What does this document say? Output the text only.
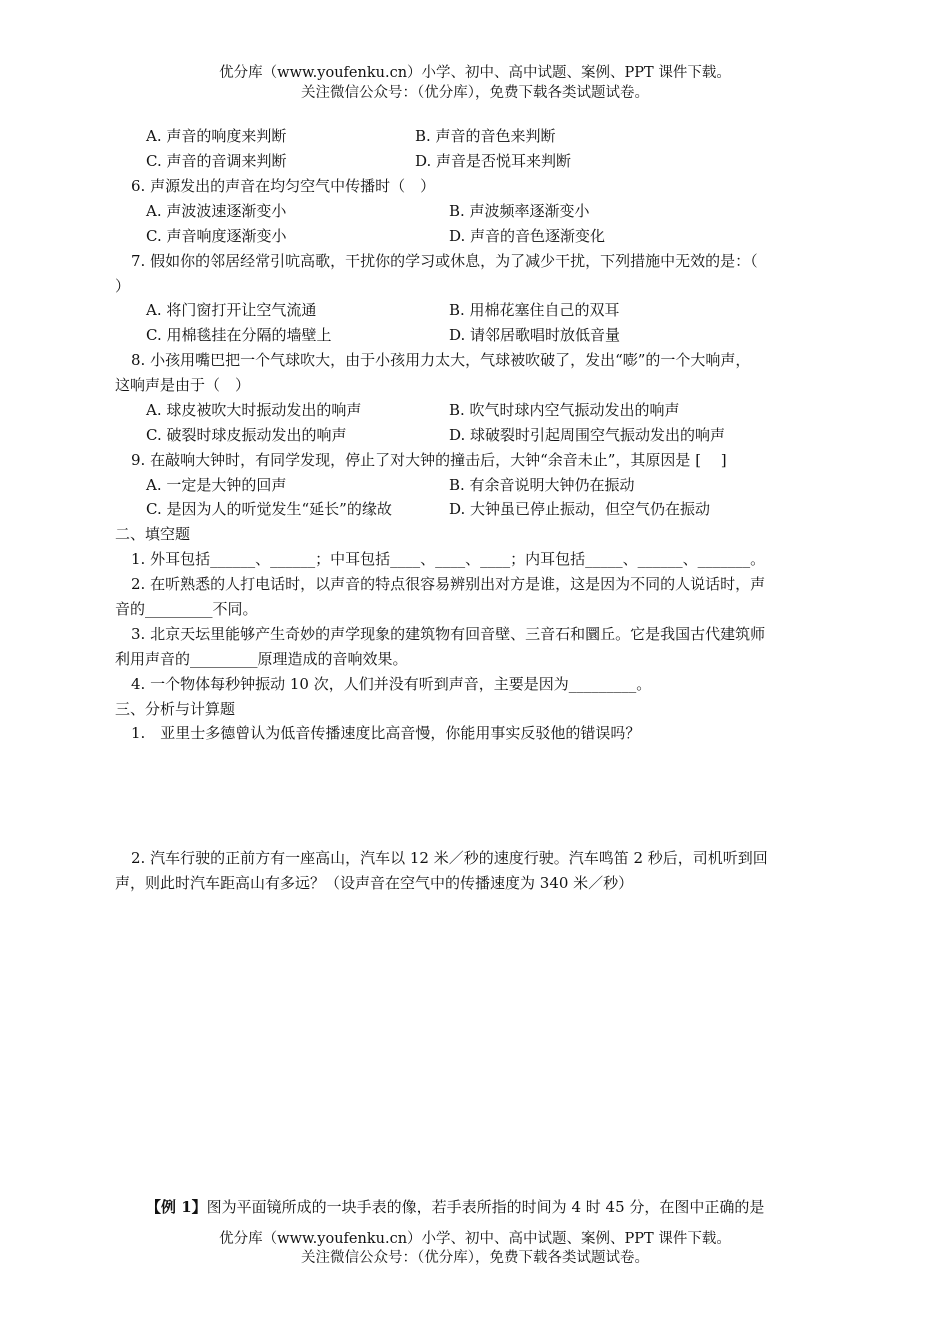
优分库（www.youfenku.cn）小学、初中、高中试题、案例、PPT 课件下载。
关注微信公众号：（优分库），免费下载各类试题试卷。
A. 声音的响度来判断	B. 声音的音色来判断
C. 声音的音调来判断	D. 声音是否悦耳来判断
6. 声源发出的声音在均匀空气中传播时（　）
A. 声波波速逐渐变小	B. 声波频率逐渐变小
C. 声音响度逐渐变小	D. 声音的音色逐渐变化
7. 假如你的邻居经常引吭高歌，干扰你的学习或休息，为了减少干扰，下列措施中无效的是：（
）
A. 将门窗打开让空气流通	B. 用棉花塞住自己的双耳
C. 用棉毯挂在分隔的墙壁上	D. 请邻居歌唱时放低音量
8. 小孩用嘴巴把一个气球吹大，由于小孩用力太大，气球被吹破了，发出“嘭”的一个大响声，
这响声是由于（　）
A. 球皮被吹大时振动发出的响声	B. 吹气时球内空气振动发出的响声
C. 破裂时球皮振动发出的响声	D. 球破裂时引起周围空气振动发出的响声
9. 在敲响大钟时，有同学发现，停止了对大钟的撞击后，大钟“余音未止”，其原因是 [　 ]
A. 一定是大钟的回声	B. 有余音说明大钟仍在振动
C. 是因为人的听觉发生“延长”的缘故	D. 大钟虽已停止振动，但空气仍在振动
二、填空题
1. 外耳包括______、______；中耳包括____、____、____；内耳包括_____、______、_______。
2. 在听熟悉的人打电话时，以声音的特点很容易辨别出对方是谁，这是因为不同的人说话时，声
音的_________不同。
3. 北京天坛里能够产生奇妙的声学现象的建筑物有回音壁、三音石和圜丘。它是我国古代建筑师
利用声音的_________原理造成的音响效果。
4. 一个物体每秒钟振动 10 次，人们并没有听到声音，主要是因为_________。
三、分析与计算题
1.　亚里士多德曾认为低音传播速度比高音慢，你能用事实反驳他的错误吗？
2. 汽车行驶的正前方有一座高山，汽车以 12 米／秒的速度行驶。汽车鸣笛 2 秒后，司机听到回
声，则此时汽车距高山有多远？（设声音在空气中的传播速度为 340 米／秒）
【例 1】图为平面镜所成的一块手表的像，若手表所指的时间为 4 时 45 分，在图中正确的是
优分库（www.youfenku.cn）小学、初中、高中试题、案例、PPT 课件下载。
关注微信公众号：（优分库），免费下载各类试题试卷。
